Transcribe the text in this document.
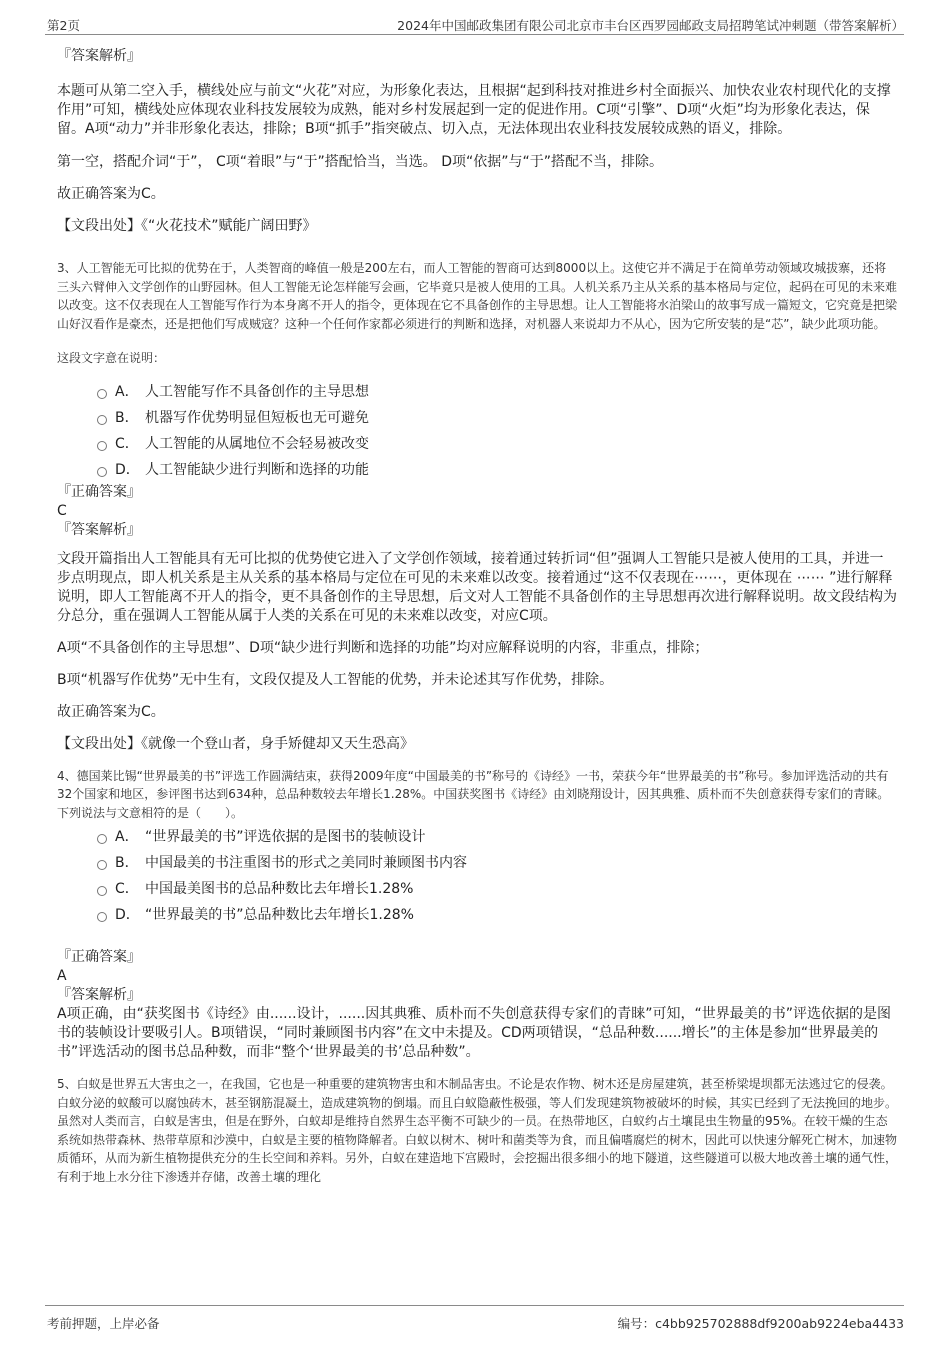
第2页	2024年中国邮政集团有限公司北京市丰台区西罗园邮政支局招聘笔试冲刺题（带答案解析）

『答案解析』

本题可从第二空入手，横线处应与前文“火花”对应，为形象化表达，且根据“起到科技对推进乡村全面振兴、加快农业农村现代化的支撑作用”可知，横线处应体现农业科技发展较为成熟，能对乡村发展起到一定的促进作用。C项“引擎”、D项“火炬”均为形象化表达，保留。A项“动力”并非形象化表达，排除；B项“抓手”指突破点、切入点，无法体现出农业科技发展较成熟的语义，排除。

第一空，搭配介词“于”， C项“着眼”与“于”搭配恰当，当选。 D项“依据”与“于”搭配不当，排除。

故正确答案为C。

【文段出处】《“火花技术”赋能广阔田野》

3、人工智能无可比拟的优势在于，人类智商的峰值一般是200左右，而人工智能的智商可达到8000以上。这使它并不满足于在简单劳动领域攻城拔寨，还将三头六臂伸入文学创作的山野园林。但人工智能无论怎样能写会画，它毕竟只是被人使用的工具。人机关系乃主从关系的基本格局与定位，起码在可见的未来难以改变。这不仅表现在人工智能写作行为本身离不开人的指令，更体现在它不具备创作的主导思想。让人工智能将水泊梁山的故事写成一篇短文，它究竟是把梁山好汉看作是豪杰，还是把他们写成贼寇？这种一个任何作家都必须进行的判断和选择，对机器人来说却力不从心，因为它所安装的是“芯”，缺少此项功能。

这段文字意在说明：

A． 人工智能写作不具备创作的主导思想
B． 机器写作优势明显但短板也无可避免
C． 人工智能的从属地位不会轻易被改变
D． 人工智能缺少进行判断和选择的功能

『正确答案』

C

『答案解析』

文段开篇指出人工智能具有无可比拟的优势使它进入了文学创作领域，接着通过转折词“但”强调人工智能只是被人使用的工具，并进一步点明现点，即人机关系是主从关系的基本格局与定位在可见的未来难以改变。接着通过“这不仅表现在⋯⋯，更体现在 ⋯⋯ ”进行解释说明，即人工智能离不开人的指令，更不具备创作的主导思想，后文对人工智能不具备创作的主导思想再次进行解释说明。故文段结构为分总分，重在强调人工智能从属于人类的关系在可见的未来难以改变，对应C项。

A项“不具备创作的主导思想”、D项“缺少进行判断和选择的功能”均对应解释说明的内容，非重点，排除；

B项“机器写作优势”无中生有，文段仅提及人工智能的优势，并未论述其写作优势，排除。

故正确答案为C。

【文段出处】《就像一个登山者，身手矫健却又天生恐高》

4、德国莱比锡“世界最美的书”评选工作圆满结束，获得2009年度“中国最美的书”称号的《诗经》一书，荣获今年“世界最美的书”称号。参加评选活动的共有32个国家和地区，参评图书达到634种，总品种数较去年增长1.28%。中国获奖图书《诗经》由刘晓翔设计，因其典雅、质朴而不失创意获得专家们的青睐。

下列说法与文意相符的是（　　）。

A． “世界最美的书”评选依据的是图书的装帧设计
B． 中国最美的书注重图书的形式之美同时兼顾图书内容
C． 中国最美图书的总品种数比去年增长1.28%
D． “世界最美的书”总品种数比去年增长1.28%

『正确答案』

A

『答案解析』

A项正确，由“获奖图书《诗经》由......设计，......因其典雅、质朴而不失创意获得专家们的青睐”可知，“世界最美的书”评选依据的是图书的装帧设计要吸引人。B项错误，“同时兼顾图书内容”在文中未提及。CD两项错误，“总品种数......增长”的主体是参加“世界最美的书”评选活动的图书总品种数，而非“整个‘世界最美的书’总品种数”。

5、白蚁是世界五大害虫之一，在我国，它也是一种重要的建筑物害虫和木制品害虫。不论是农作物、树木还是房屋建筑，甚至桥梁堤坝都无法逃过它的侵袭。白蚁分泌的蚁酸可以腐蚀砖木，甚至钢筋混凝土，造成建筑物的倒塌。而且白蚁隐蔽性极强，等人们发现建筑物被破坏的时候，其实已经到了无法挽回的地步。虽然对人类而言，白蚁是害虫，但是在野外，白蚁却是维持自然界生态平衡不可缺少的一员。在热带地区，白蚁约占土壤昆虫生物量的95%。在较干燥的生态系统如热带森林、热带草原和沙漠中，白蚁是主要的植物降解者。白蚁以树木、树叶和菌类等为食，而且偏嗜腐烂的树木，因此可以快速分解死亡树木，加速物质循环，从而为新生植物提供充分的生长空间和养料。另外，白蚁在建造地下宫殿时，会挖掘出很多细小的地下隧道，这些隧道可以极大地改善土壤的通气性，有利于地上水分往下渗透并存储，改善土壤的理化

考前押题，上岸必备	编号：c4bb925702888df9200ab9224eba4433
